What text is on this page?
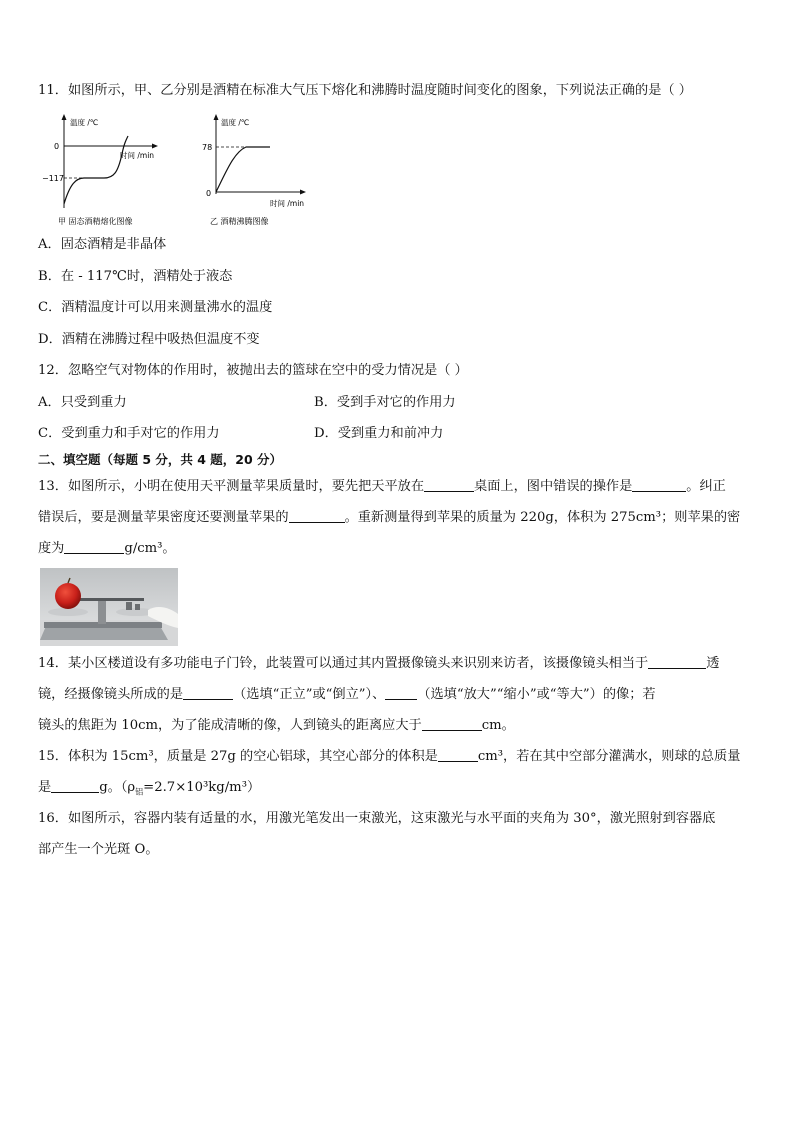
11．如图所示，甲、乙分别是酒精在标准大气压下熔化和沸腾时温度随时间变化的图象，下列说法正确的是（ ）
温度 /℃
0
时间 /min
−117
甲 固态酒精熔化图像
温度 /℃
78
0
时间 /min
乙 酒精沸腾图像
A．固态酒精是非晶体
B．在 - 117℃时，酒精处于液态
C．酒精温度计可以用来测量沸水的温度
D．酒精在沸腾过程中吸热但温度不变
12．忽略空气对物体的作用时，被抛出去的篮球在空中的受力情况是（ ）
A．只受到重力	B．受到手对它的作用力
C．受到重力和手对它的作用力	D．受到重力和前冲力
二、填空题（每题 5 分，共 4 题，20 分）
13．如图所示，小明在使用天平测量苹果质量时，要先把天平放在	桌面上，图中错误的操作是	。纠正
错误后，要是测量苹果密度还要测量苹果的	。重新测量得到苹果的质量为 220g，体积为 275cm³；则苹果的密
度为	g/cm³。
14．某小区楼道设有多功能电子门铃，此装置可以通过其内置摄像镜头来识别来访者，该摄像镜头相当于	透
镜，经摄像镜头所成的是	（选填“正立”或“倒立”）、 （选填“放大”“缩小”或“等大”）的像；若
镜头的焦距为 10cm，为了能成清晰的像，人到镜头的距离应大于	cm。
15．体积为 15cm³，质量是 27g 的空心铝球，其空心部分的体积是	cm³，若在其中空部分灌满水，则球的总质量
是	g。$(\rho_铝=2.7\times 10^3kg/m^3)$
16．如图所示，容器内装有适量的水，用激光笔发出一束激光，这束激光与水平面的夹角为 30°，激光照射到容器底
部产生一个光斑 O。
